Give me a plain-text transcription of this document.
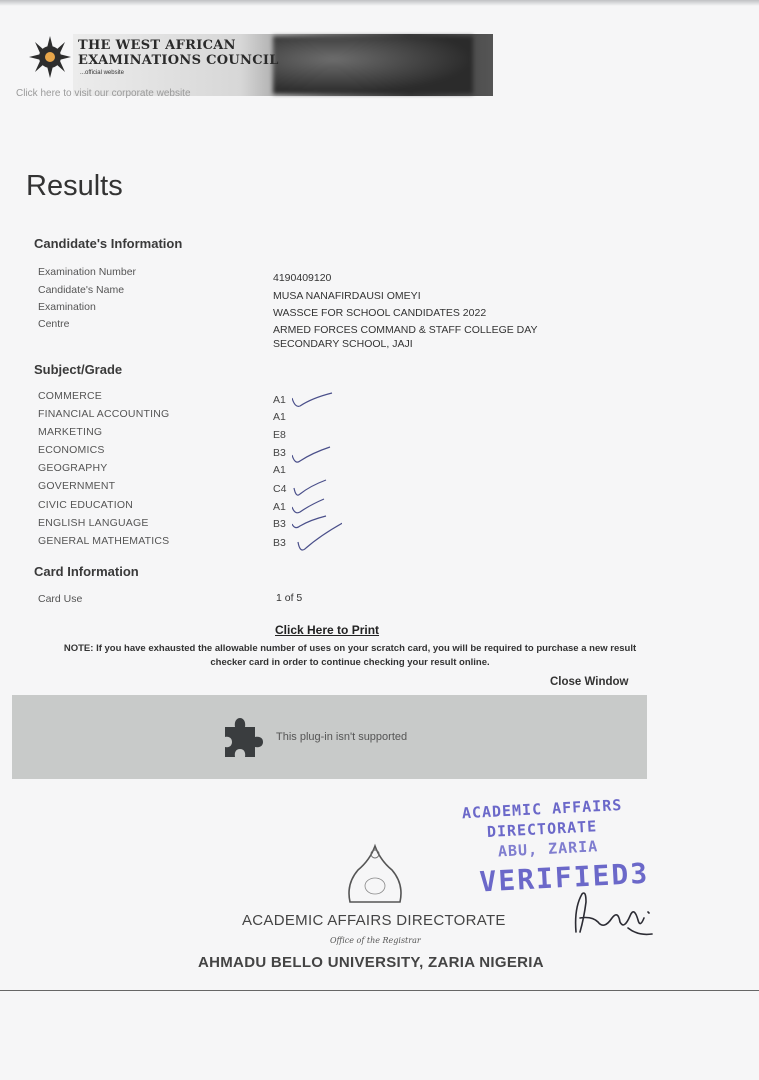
THE WEST AFRICAN
EXAMINATIONS COUNCIL
...official website
Click here to visit our corporate website
Results
Candidate's Information
Examination Number	4190409120
Candidate's Name	MUSA NANAFIRDAUSI OMEYI
Examination	WASSCE FOR SCHOOL CANDIDATES 2022
Centre	ARMED FORCES COMMAND & STAFF COLLEGE DAY
SECONDARY SCHOOL, JAJI
Subject/Grade
COMMERCE	A1
FINANCIAL ACCOUNTING	A1
MARKETING	E8
ECONOMICS	B3
GEOGRAPHY	A1
GOVERNMENT	C4
CIVIC EDUCATION	A1
ENGLISH LANGUAGE	B3
GENERAL MATHEMATICS	B3
Card Information
Card Use	1 of 5
Click Here to Print
NOTE: If you have exhausted the allowable number of uses on your scratch card, you will be required to purchase a new result checker card in order to continue checking your result online.
Close Window
This plug-in isn't supported
ACADEMIC AFFAIRS
DIRECTORATE
ABU, ZARIA
VERIFIED3
ACADEMIC AFFAIRS DIRECTORATE
Office of the Registrar
AHMADU BELLO UNIVERSITY, ZARIA NIGERIA
